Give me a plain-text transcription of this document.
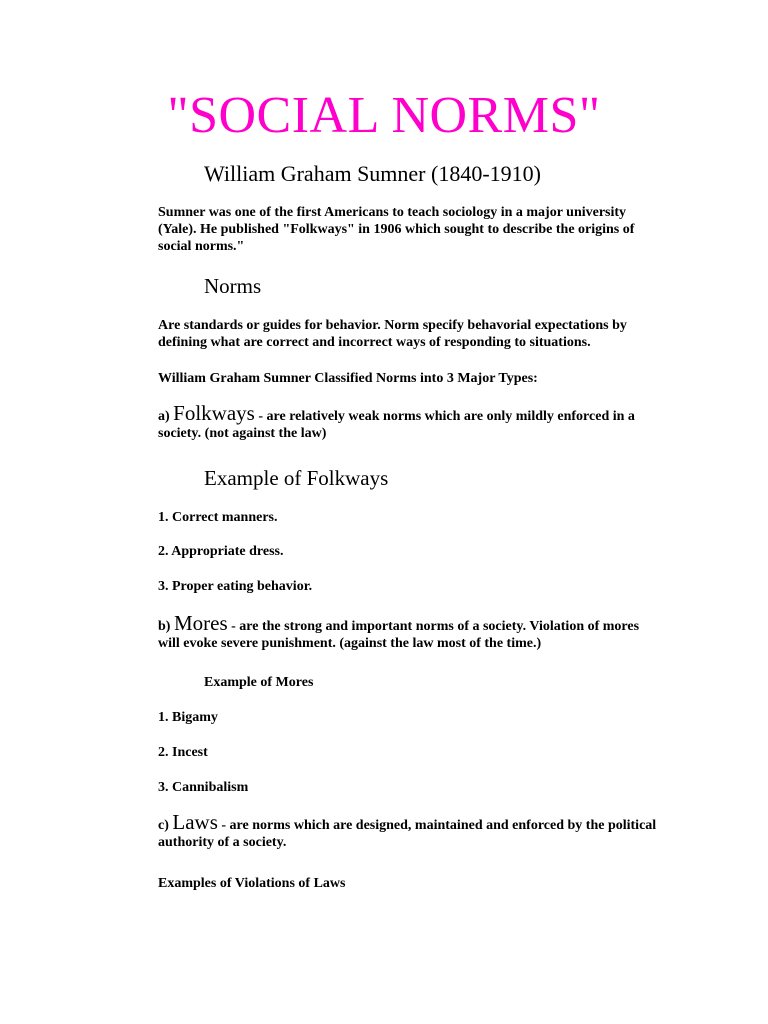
"SOCIAL NORMS"
William Graham Sumner (1840-1910)

Sumner was one of the first Americans to teach sociology in a major university (Yale). He published "Folkways" in 1906 which sought to describe the origins of social norms."

Norms

Are standards or guides for behavior. Norm specify behavorial expectations by defining what are correct and incorrect ways of responding to situations.

William Graham Sumner Classified Norms into 3 Major Types:

a) Folkways - are relatively weak norms which are only mildly enforced in a society. (not against the law)

Example of Folkways

1. Correct manners.

2. Appropriate dress.

3. Proper eating behavior.

b) Mores - are the strong and important norms of a society. Violation of mores will evoke severe punishment. (against the law most of the time.)

Example of Mores

1. Bigamy

2. Incest

3. Cannibalism

c) Laws - are norms which are designed, maintained and enforced by the political authority of a society.

Examples of Violations of Laws
